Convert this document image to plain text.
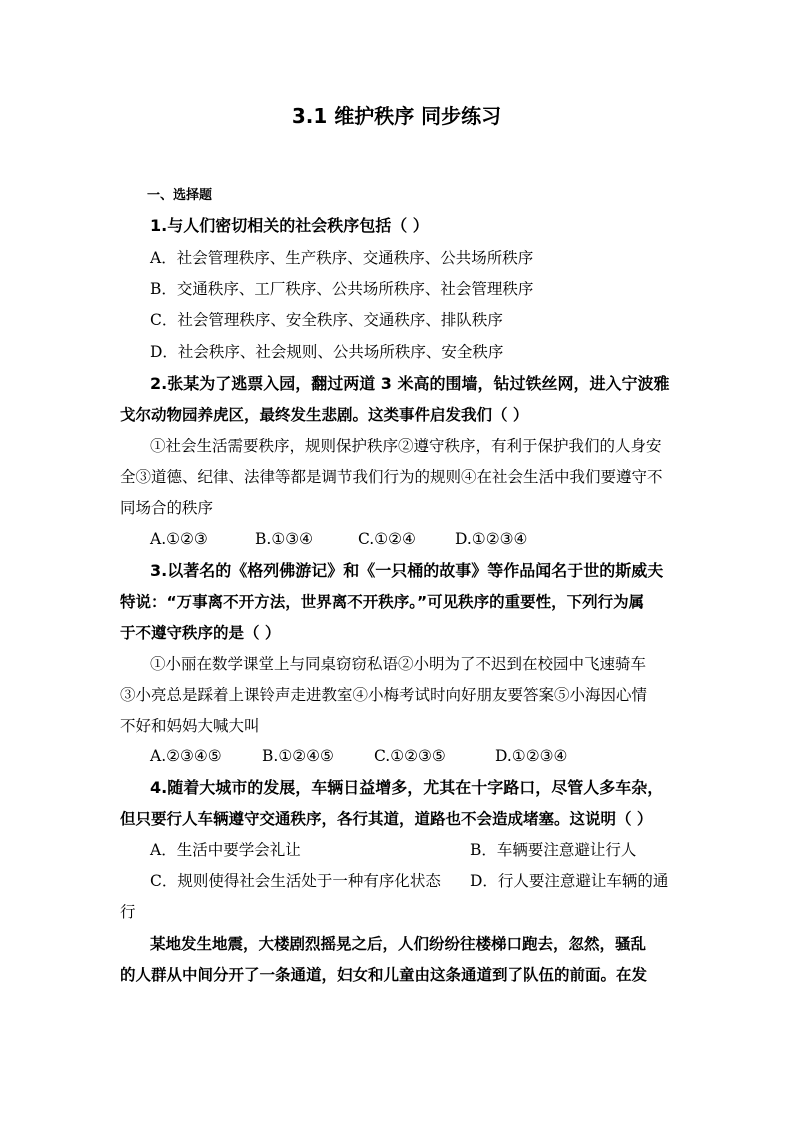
3.1 维护秩序 同步练习
一、选择题
1.与人们密切相关的社会秩序包括（ ）
A．社会管理秩序、生产秩序、交通秩序、公共场所秩序
B．交通秩序、工厂秩序、公共场所秩序、社会管理秩序
C．社会管理秩序、安全秩序、交通秩序、排队秩序
D．社会秩序、社会规则、公共场所秩序、安全秩序
2.张某为了逃票入园，翻过两道 3 米高的围墙，钻过铁丝网，进入宁波雅
戈尔动物园养虎区，最终发生悲剧。这类事件启发我们（ ）
①社会生活需要秩序，规则保护秩序②遵守秩序，有利于保护我们的人身安
全③道德、纪律、法律等都是调节我们行为的规则④在社会生活中我们要遵守不
同场合的秩序
A.①②③	B.①③④	C.①②④	D.①②③④
3.以著名的《格列佛游记》和《一只桶的故事》等作品闻名于世的斯威夫
特说：“万事离不开方法，世界离不开秩序。”可见秩序的重要性，下列行为属
于不遵守秩序的是（ ）
①小丽在数学课堂上与同桌窃窃私语②小明为了不迟到在校园中飞速骑车
③小亮总是踩着上课铃声走进教室④小梅考试时向好朋友要答案⑤小海因心情
不好和妈妈大喊大叫
A.②③④⑤	B.①②④⑤	C.①②③⑤	D.①②③④
4.随着大城市的发展，车辆日益增多，尤其在十字路口，尽管人多车杂，
但只要行人车辆遵守交通秩序，各行其道，道路也不会造成堵塞。这说明（ ）
A．生活中要学会礼让	B．车辆要注意避让行人
C．规则使得社会生活处于一种有序化状态 D．行人要注意避让车辆的通
行
某地发生地震，大楼剧烈摇晃之后，人们纷纷往楼梯口跑去，忽然，骚乱
的人群从中间分开了一条通道，妇女和儿童由这条通道到了队伍的前面。在发
